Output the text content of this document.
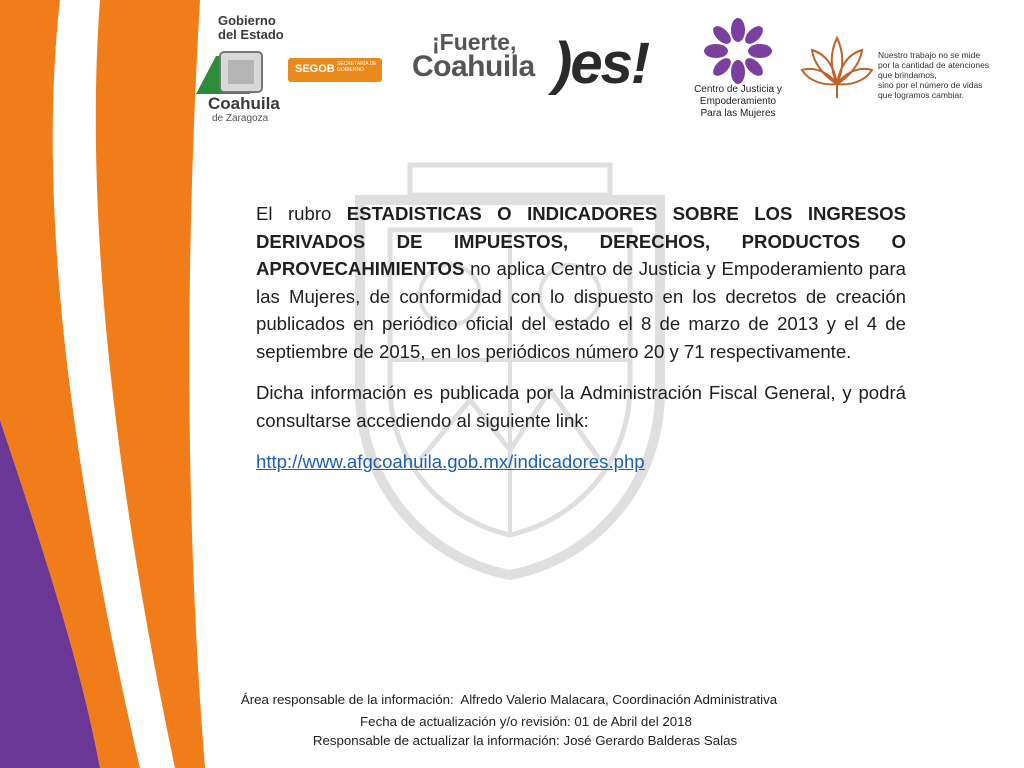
Gobierno
del Estado
Coahuila
de Zaragoza
SEGOB SECRETARÍA DE GOBIERNO
¡Fuerte,
Coahuila )es!	Centro de Justicia y
Empoderamiento
Para las Mujeres
Nuestro trabajo no se mide
por la cantidad de atenciones
que brindamos,
sino por el número de vidas
que logramos cambiar.

El rubro ESTADISTICAS O INDICADORES SOBRE LOS INGRESOS DERIVADOS DE IMPUESTOS, DERECHOS, PRODUCTOS O APROVECAHIMIENTOS no aplica Centro de Justicia y Empoderamiento para las Mujeres, de conformidad con lo dispuesto en los decretos de creación publicados en periódico oficial del estado el 8 de marzo de 2013 y el 4 de septiembre de 2015, en los periódicos número 20 y 71 respectivamente.

Dicha información es publicada por la Administración Fiscal General, y podrá consultarse accediendo al siguiente link:

http://www.afgcoahuila.gob.mx/indicadores.php
Área responsable de la información:  Alfredo Valerio Malacara, Coordinación Administrativa
Fecha de actualización y/o revisión: 01 de Abril del 2018
Responsable de actualizar la información: José Gerardo Balderas Salas
